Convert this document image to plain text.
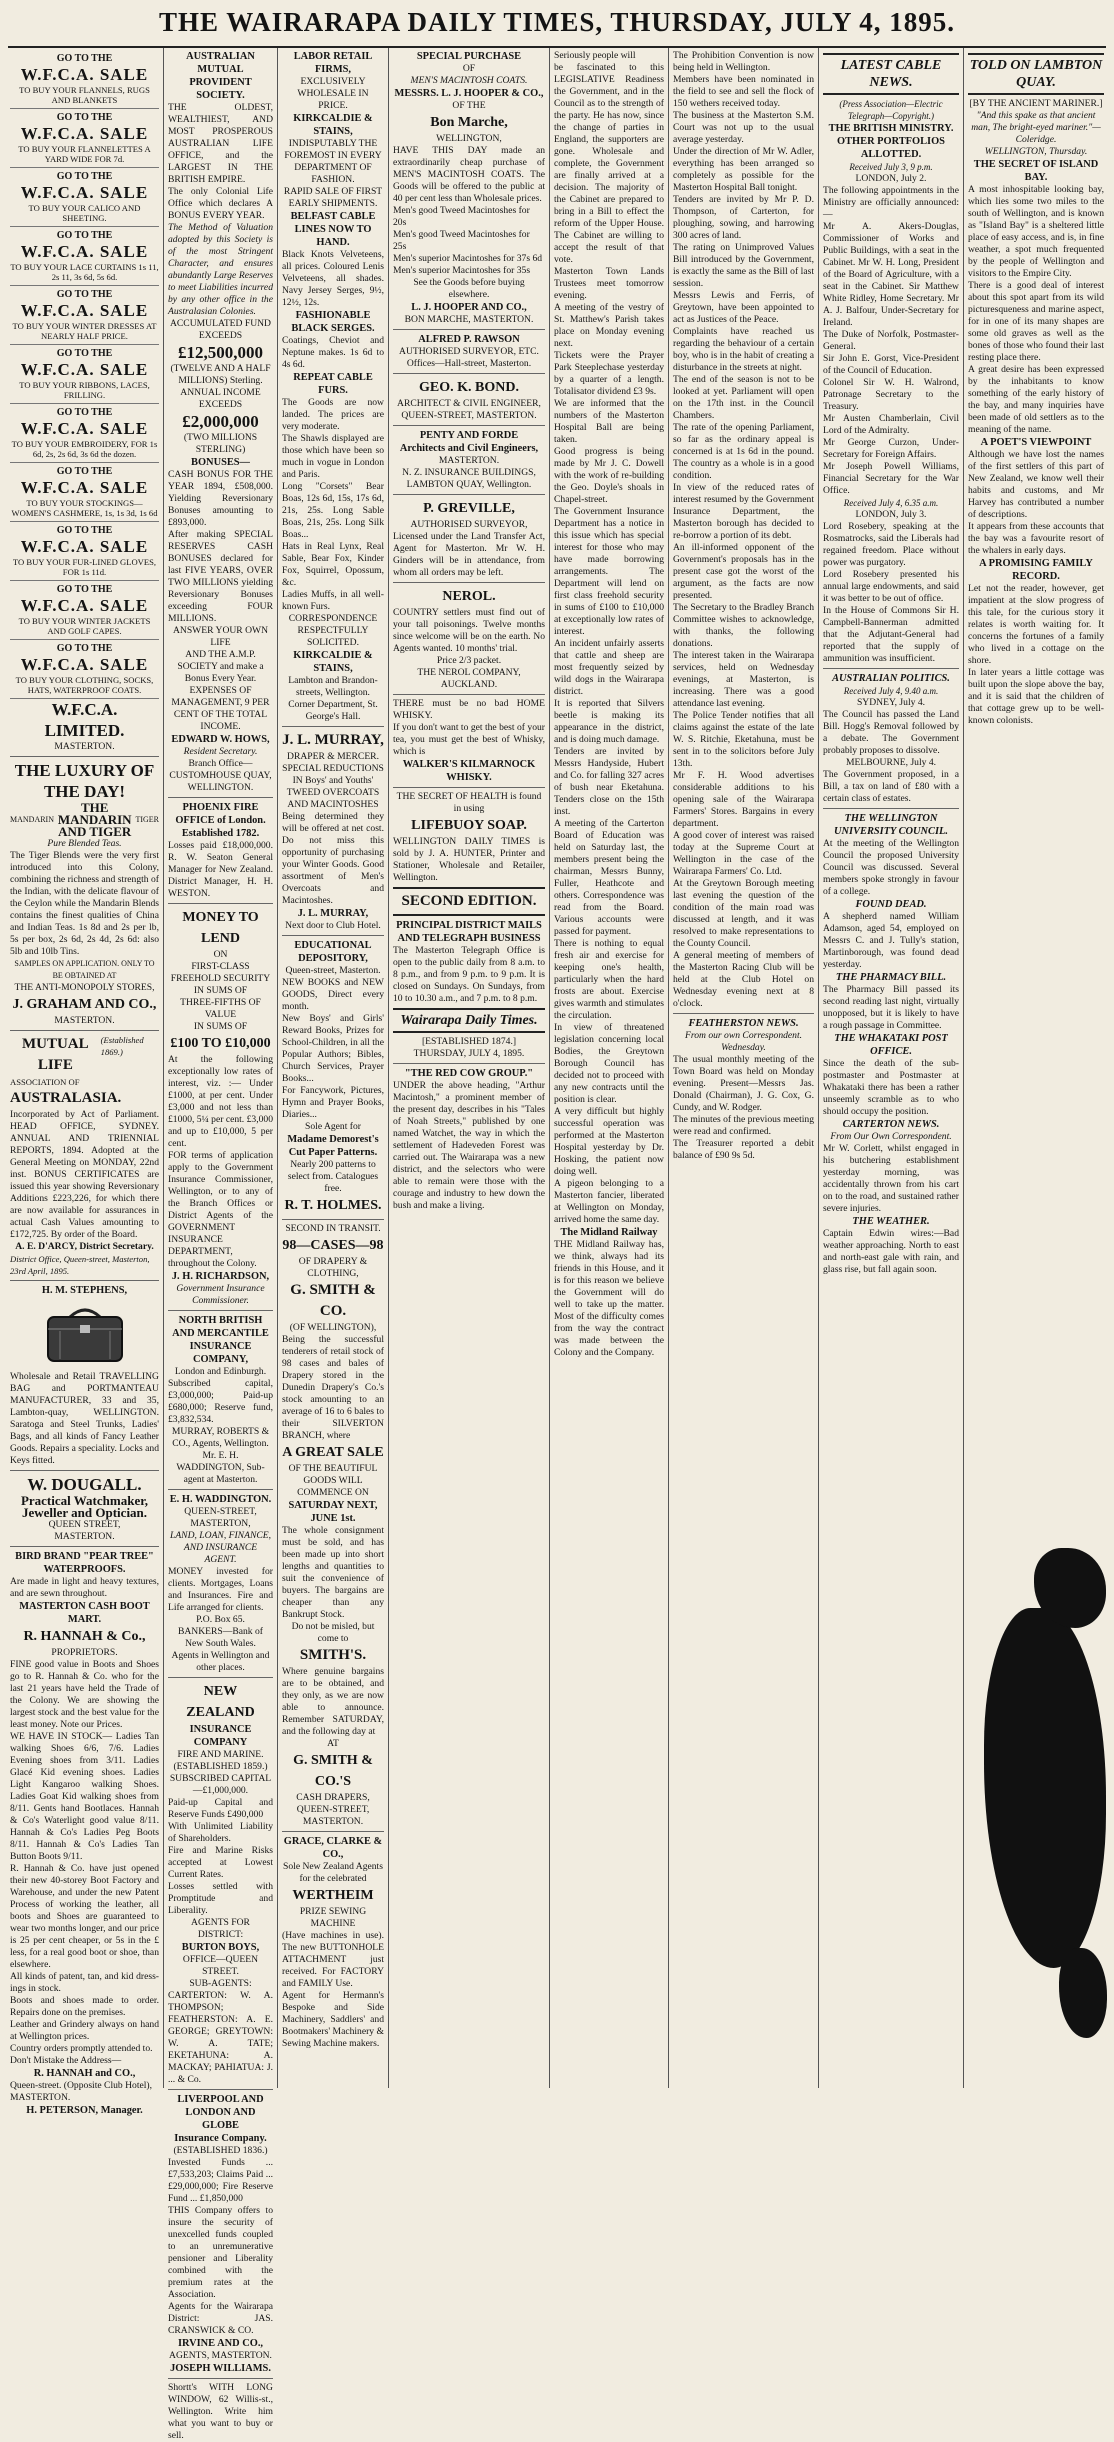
THE WAIRARAPA DAILY TIMES, THURSDAY, JULY 4, 1895.
GO TO THE
W.F.C.A. SALE
TO BUY YOUR FLANNELS, RUGS AND BLANKETS
GO TO THE
W.F.C.A. SALE
TO BUY YOUR FLANNELETTES A YARD WIDE FOR 7d.
GO TO THE
W.F.C.A. SALE
TO BUY YOUR CALICO AND SHEETING.
GO TO THE
W.F.C.A. SALE
TO BUY YOUR LACE CURTAINS 1s 11, 2s 11, 3s 6d, 5s 6d.
GO TO THE
W.F.C.A. SALE
TO BUY YOUR WINTER DRESSES AT NEARLY HALF PRICE.
GO TO THE
W.F.C.A. SALE
TO BUY YOUR RIBBONS, LACES, FRILLING.
GO TO THE
W.F.C.A. SALE
TO BUY YOUR EMBROIDERY, FOR 1s 6d, 2s, 2s 6d, 3s 6d the dozen.
GO TO THE
W.F.C.A. SALE
TO BUY YOUR STOCKINGS—WOMEN'S CASHMERE, 1s, 1s 3d, 1s 6d
GO TO THE
W.F.C.A. SALE
TO BUY YOUR FUR-LINED GLOVES, FOR 1s 11d.
GO TO THE
W.F.C.A. SALE
TO BUY YOUR WINTER JACKETS AND GOLF CAPES.
GO TO THE
W.F.C.A. SALE
TO BUY YOUR CLOTHING, SOCKS, HATS, WATERPROOF COATS.
W.F.C.A. LIMITED.
MASTERTON.
THE LUXURY OF THE DAY!
MANDARIN
THE MANDARIN AND TIGER
TIGER
Pure Blended Teas.
The Tiger Blends were the very first introduced into this Colony, combining the richness and strength of the Indian, with the delicate flavour of the Ceylon while the Mandarin Blends contains the finest qualities of China and Indian Teas. 1s 8d and 2s per lb, 5s per box, 2s 6d, 2s 4d, 2s 6d: also 5lb and 10lb Tins.
SAMPLES ON APPLICATION. ONLY TO BE OBTAINED AT
THE ANTI-MONOPOLY STORES,
J. GRAHAM AND CO.,
MASTERTON.
MUTUAL LIFE
(Established 1869.)
ASSOCIATION OF
AUSTRALASIA.
Incorporated by Act of Parliament. HEAD OFFICE, SYDNEY. ANNUAL AND TRIENNIAL REPORTS, 1894. Adopted at the General Meeting on MONDAY, 22nd inst. BONUS CERTIFICATES are issued this year showing Reversionary Additions £223,226, for which there are now available for assurances in actual Cash Values amounting to £172,725. By order of the Board.
A. E. D'ARCY, District Secretary.
District Office, Queen-street, Masterton, 23rd April, 1895.
H. M. STEPHENS,
Wholesale and Retail TRAVELLING BAG and PORTMANTEAU MANUFACTURER, 33 and 35, Lambton-quay, WELLINGTON. Saratoga and Steel Trunks, Ladies' Bags, and all kinds of Fancy Leather Goods. Repairs a speciality. Locks and Keys fitted.
W. DOUGALL.
Practical Watchmaker, Jeweller and Optician.
QUEEN STREET,
MASTERTON.
BIRD BRAND "PEAR TREE" WATERPROOFS.
Are made in light and heavy textures, and are sewn throughout.
MASTERTON CASH BOOT MART.
R. HANNAH & Co.,
PROPRIETORS.
FINE good value in Boots and Shoes go to R. Hannah & Co. who for the last 21 years have held the Trade of the Colony. We are showing the largest stock and the best value for the least money. Note our Prices.
WE HAVE IN STOCK— Ladies Tan walking Shoes 6/6, 7/6. Ladies Evening shoes from 3/11. Ladies Glacé Kid evening shoes. Ladies Light Kangaroo walking Shoes. Ladies Goat Kid walking shoes from 8/11. Gents hand Bootlaces. Hannah & Co's Waterlight good value 8/11. Hannah & Co's Ladies Peg Boots 8/11. Hannah & Co's Ladies Tan Button Boots 9/11.
R. Hannah & Co. have just opened their new 40-storey Boot Factory and Warehouse, and under the new Patent Process of working the leather, all boots and Shoes are guaranteed to wear two months longer, and our price is 25 per cent cheaper, or 5s in the £ less, for a real good boot or shoe, than elsewhere.
All kinds of patent, tan, and kid dress-ings in stock.
Boots and shoes made to order. Repairs done on the premises.
Leather and Grindery always on hand at Wellington prices.
Country orders promptly attended to.
Don't Mistake the Address—
R. HANNAH and CO.,
Queen-street. (Opposite Club Hotel), MASTERTON.
H. PETERSON, Manager.
AUSTRALIAN MUTUAL PROVIDENT SOCIETY.
THE OLDEST, WEALTHIEST, AND MOST PROSPEROUS AUSTRALIAN LIFE OFFICE, and the LARGEST IN THE BRITISH EMPIRE.
The only Colonial Life Office which declares A BONUS EVERY YEAR.
The Method of Valuation adopted by this Society is of the most Stringent Character, and ensures abundantly Large Reserves to meet Liabilities incurred by any other office in the Australasian Colonies.
ACCUMULATED FUND EXCEEDS
£12,500,000
(TWELVE AND A HALF MILLIONS) Sterling.
ANNUAL INCOME EXCEEDS
£2,000,000
(TWO MILLIONS STERLING)
BONUSES—
CASH BONUS FOR THE YEAR 1894, £508,000. Yielding Reversionary Bonuses amounting to £893,000.
After making SPECIAL RESERVES CASH BONUSES declared for last FIVE YEARS, OVER TWO MILLIONS yielding Reversionary Bonuses exceeding FOUR MILLIONS.
ANSWER YOUR OWN LIFE
AND THE A.M.P. SOCIETY and make a Bonus Every Year.
EXPENSES OF MANAGEMENT, 9 PER CENT OF THE TOTAL INCOME.
EDWARD W. HOWS,
Resident Secretary.
Branch Office— CUSTOMHOUSE QUAY, WELLINGTON.
PHOENIX FIRE OFFICE of London. Established 1782.
Losses paid £18,000,000. R. W. Seaton General Manager for New Zealand. District Manager, H. H. WESTON.
MONEY TO LEND
ON
FIRST-CLASS FREEHOLD SECURITY
IN SUMS OF
THREE-FIFTHS OF VALUE
IN SUMS OF
£100 TO £10,000
At the following exceptionally low rates of interest, viz. :— Under £1000, at per cent. Under £3,000 and not less than £1000, 5¼ per cent. £3,000 and up to £10,000, 5 per cent.
FOR terms of application apply to the Government Insurance Commissioner, Wellington, or to any of the Branch Offices or District Agents of the GOVERNMENT INSURANCE DEPARTMENT, throughout the Colony.
J. H. RICHARDSON,
Government Insurance Commissioner.
NORTH BRITISH AND MERCANTILE INSURANCE COMPANY,
London and Edinburgh.
Subscribed capital, £3,000,000; Paid-up £680,000; Reserve fund, £3,832,534.
MURRAY, ROBERTS & CO., Agents, Wellington.
Mr. E. H. WADDINGTON, Sub-agent at Masterton.
E. H. WADDINGTON.
QUEEN-STREET, MASTERTON,
LAND, LOAN, FINANCE, AND INSURANCE AGENT.
MONEY invested for clients. Mortgages, Loans and Insurances. Fire and Life arranged for clients.
P.O. Box 65.
BANKERS—Bank of New South Wales.
Agents in Wellington and other places.
NEW ZEALAND
INSURANCE COMPANY
FIRE AND MARINE.
(ESTABLISHED 1859.)
SUBSCRIBED CAPITAL—£1,000,000.
Paid-up Capital and Reserve Funds £490,000
With Unlimited Liability of Shareholders.
Fire and Marine Risks accepted at Lowest Current Rates.
Losses settled with Promptitude and Liberality.
AGENTS FOR DISTRICT:
BURTON BOYS,
OFFICE—QUEEN STREET.
SUB-AGENTS:
CARTERTON: W. A. THOMPSON; FEATHERSTON: A. E. GEORGE; GREYTOWN: W. A. TATE; EKETAHUNA: A. MACKAY; PAHIATUA: J. ... & Co.
LIVERPOOL AND LONDON AND GLOBE
Insurance Company.
(ESTABLISHED 1836.)
Invested Funds ... £7,533,203; Claims Paid ... £29,000,000; Fire Reserve Fund ... £1,850,000
THIS Company offers to insure the security of unexcelled funds coupled to an unremunerative pensioner and Liberality combined with the premium rates at the Association.
Agents for the Wairarapa District: JAS. CRANSWICK & CO.
IRVINE AND CO.,
AGENTS, MASTERTON.
JOSEPH WILLIAMS.
Shortt's WITH LONG WINDOW, 62 Willis-st., Wellington. Write him what you want to buy or sell.
LABOR RETAIL FIRMS,
EXCLUSIVELY WHOLESALE IN PRICE.
KIRKCALDIE & STAINS,
INDISPUTABLY THE FOREMOST IN EVERY DEPARTMENT OF FASHION.
RAPID SALE OF FIRST EARLY SHIPMENTS.
BELFAST CABLE LINES NOW TO HAND.
Black Knots Velveteens, all prices. Coloured Lenis Velveteens, all shades. Navy Jersey Serges, 9½, 12½, 12s.
FASHIONABLE BLACK SERGES.
Coatings, Cheviot and Neptune makes. 1s 6d to 4s 6d.
REPEAT CABLE FURS.
The Goods are now landed. The prices are very moderate.
The Shawls displayed are those which have been so much in vogue in London and Paris.
Long "Corsets" Bear Boas, 12s 6d, 15s, 17s 6d, 21s, 25s. Long Sable Boas, 21s, 25s. Long Silk Boas...
Hats in Real Lynx, Real Sable, Bear Fox, Kinder Fox, Squirrel, Opossum, &c.
Ladies Muffs, in all well-known Furs.
CORRESPONDENCE RESPECTFULLY SOLICITED.
KIRKCALDIE & STAINS,
Lambton and Brandon-streets, Wellington.
Corner Department, St. George's Hall.
J. L. MURRAY,
DRAPER & MERCER.
SPECIAL REDUCTIONS IN Boys' and Youths' TWEED OVERCOATS AND MACINTOSHES
Being determined they will be offered at net cost. Do not miss this opportunity of purchasing your Winter Goods. Good assortment of Men's Overcoats and Macintoshes.
J. L. MURRAY,
Next door to Club Hotel.
EDUCATIONAL DEPOSITORY,
Queen-street, Masterton.
NEW BOOKS and NEW GOODS, Direct every month.
New Boys' and Girls' Reward Books, Prizes for School-Children, in all the Popular Authors; Bibles, Church Services, Prayer Books...
For Fancywork, Pictures, Hymn and Prayer Books, Diaries...
Sole Agent for
Madame Demorest's Cut Paper Patterns.
Nearly 200 patterns to select from. Catalogues free.
R. T. HOLMES.
SECOND IN TRANSIT.
98—CASES—98
OF DRAPERY & CLOTHING,
G. SMITH & CO.
(OF WELLINGTON),
Being the successful tenderers of retail stock of 98 cases and bales of Drapery stored in the Dunedin Drapery's Co.'s stock amounting to an average of 16 to 6 bales to their SILVERTON BRANCH, where
A GREAT SALE
OF THE BEAUTIFUL GOODS WILL COMMENCE ON
SATURDAY NEXT, JUNE 1st.
The whole consignment must be sold, and has been made up into short lengths and quantities to suit the convenience of buyers. The bargains are cheaper than any Bankrupt Stock.
Do not be misled, but come to
SMITH'S.
Where genuine bargains are to be obtained, and they only, as we are now able to announce. Remember SATURDAY, and the following day at
AT
G. SMITH & CO.'S
CASH DRAPERS,
QUEEN-STREET, MASTERTON.
GRACE, CLARKE & CO.,
Sole New Zealand Agents for the celebrated
WERTHEIM
PRIZE SEWING MACHINE
(Have machines in use). The new BUTTONHOLE ATTACHMENT just received. For FACTORY and FAMILY Use.
Agent for Hermann's Bespoke and Side Machinery, Saddlers' and Bootmakers' Machinery & Sewing Machine makers.
SPECIAL PURCHASE
OF
MEN'S MACINTOSH COATS.
MESSRS. L. J. HOOPER & CO.,
OF THE
Bon Marche,
WELLINGTON,
HAVE THIS DAY made an extraordinarily cheap purchase of MEN'S MACINTOSH COATS. The Goods will be offered to the public at 40 per cent less than Wholesale prices.
Men's good Tweed Macintoshes for 20s
Men's good Tweed Macintoshes for 25s
Men's superior Macintoshes for 37s 6d
Men's superior Macintoshes for 35s
See the Goods before buying elsewhere.
L. J. HOOPER AND CO.,
BON MARCHE, MASTERTON.
ALFRED P. RAWSON
AUTHORISED SURVEYOR, ETC.
Offices—Hall-street, Masterton.
GEO. K. BOND.
ARCHITECT & CIVIL ENGINEER,
QUEEN-STREET, MASTERTON.
PENTY AND FORDE
Architects and Civil Engineers,
MASTERTON.
N. Z. INSURANCE BUILDINGS, LAMBTON QUAY, Wellington.
P. GREVILLE,
AUTHORISED SURVEYOR,
Licensed under the Land Transfer Act, Agent for Masterton. Mr W. H. Ginders will be in attendance, from whom all orders may be left.
NEROL.
COUNTRY settlers must find out of your tall poisonings. Twelve months since welcome will be on the earth. No Agents wanted. 10 months' trial.
Price 2/3 packet.
THE NEROL COMPANY, AUCKLAND.
THERE must be no bad HOME WHISKY.
If you don't want to get the best of your tea, you must get the best of Whisky, which is
WALKER'S KILMARNOCK WHISKY.
THE SECRET OF HEALTH is found in using
LIFEBUOY SOAP.
WELLINGTON DAILY TIMES is sold by J. A. HUNTER, Printer and Stationer, Wholesale and Retailer, Wellington.
SECOND EDITION.
PRINCIPAL DISTRICT MAILS AND TELEGRAPH BUSINESS
The Masterton Telegraph Office is open to the public daily from 8 a.m. to 8 p.m., and from 9 p.m. to 9 p.m. It is closed on Sundays. On Sundays, from 10 to 10.30 a.m., and 7 p.m. to 8 p.m.
Wairarapa Daily Times.
[ESTABLISHED 1874.]
THURSDAY, JULY 4, 1895.
"THE RED COW GROUP."
UNDER the above heading, "Arthur Macintosh," a prominent member of the present day, describes in his "Tales of Noah Streets," published by one named Watchet, the way in which the settlement of Hadeveden Forest was carried out. The Wairarapa was a new district, and the selectors who were able to remain were those with the courage and industry to hew down the bush and make a living.
Seriously people will
be fascinated to this LEGISLATIVE Readiness the Government, and in the Council as to the strength of the party. He has now, since the change of parties in England, the supporters are gone. Wholesale and complete, the Government are finally arrived at a decision. The majority of the Cabinet are prepared to bring in a Bill to effect the reform of the Upper House. The Cabinet are willing to accept the result of that vote.
Masterton Town Lands Trustees meet tomorrow evening.
A meeting of the vestry of St. Matthew's Parish takes place on Monday evening next.
Tickets were the Prayer Park Steeplechase yesterday by a quarter of a length. Totalisator dividend £3 9s.
We are informed that the numbers of the Masterton Hospital Ball are being taken.
Good progress is being made by Mr J. C. Dowell with the work of re-building the Geo. Doyle's shoals in Chapel-street.
The Government Insurance Department has a notice in this issue which has special interest for those who may have made borrowing arrangements. The Department will lend on first class freehold security in sums of £100 to £10,000 at exceptionally low rates of interest.
An incident unfairly asserts that cattle and sheep are most frequently seized by wild dogs in the Wairarapa district.
It is reported that Silvers beetle is making its appearance in the district, and is doing much damage.
Tenders are invited by Messrs Handyside, Hubert and Co. for falling 327 acres of bush near Eketahuna. Tenders close on the 15th inst.
A meeting of the Carterton Board of Education was held on Saturday last, the members present being the chairman, Messrs Bunny, Fuller, Heathcote and others. Correspondence was read from the Board. Various accounts were passed for payment.
There is nothing to equal fresh air and exercise for keeping one's health, particularly when the hard frosts are about. Exercise gives warmth and stimulates the circulation.
In view of threatened legislation concerning local Bodies, the Greytown Borough Council has decided not to proceed with any new contracts until the position is clear.
A very difficult but highly successful operation was performed at the Masterton Hospital yesterday by Dr. Hosking, the patient now doing well.
A pigeon belonging to a Masterton fancier, liberated at Wellington on Monday, arrived home the same day.
The Midland Railway
THE Midland Railway has, we think, always had its friends in this House, and it is for this reason we believe the Government will do well to take up the matter. Most of the difficulty comes from the way the contract was made between the Colony and the Company.
The Prohibition Convention is now being held in Wellington.
Members have been nominated in the field to see and sell the flock of 150 wethers received today.
The business at the Masterton S.M. Court was not up to the usual average yesterday.
Under the direction of Mr W. Adler, everything has been arranged so completely as possible for the Masterton Hospital Ball tonight.
Tenders are invited by Mr P. D. Thompson, of Carterton, for ploughing, sowing, and harrowing 300 acres of land.
The rating on Unimproved Values Bill introduced by the Government, is exactly the same as the Bill of last session.
Messrs Lewis and Ferris, of Greytown, have been appointed to act as Justices of the Peace.
Complaints have reached us regarding the behaviour of a certain boy, who is in the habit of creating a disturbance in the streets at night.
The end of the season is not to be looked at yet. Parliament will open on the 17th inst. in the Council Chambers.
The rate of the opening Parliament, so far as the ordinary appeal is concerned is at 1s 6d in the pound. The country as a whole is in a good condition.
In view of the reduced rates of interest resumed by the Government Insurance Department, the Masterton borough has decided to re-borrow a portion of its debt.
An ill-informed opponent of the Government's proposals has in the present case got the worst of the argument, as the facts are now presented.
The Secretary to the Bradley Branch Committee wishes to acknowledge, with thanks, the following donations.
The interest taken in the Wairarapa services, held on Wednesday evenings, at Masterton, is increasing. There was a good attendance last evening.
The Police Tender notifies that all claims against the estate of the late W. S. Ritchie, Eketahuna, must be sent in to the solicitors before July 13th.
Mr F. H. Wood advertises considerable additions to his opening sale of the Wairarapa Farmers' Stores. Bargains in every department.
A good cover of interest was raised today at the Supreme Court at Wellington in the case of the Wairarapa Farmers' Co. Ltd.
At the Greytown Borough meeting last evening the question of the condition of the main road was discussed at length, and it was resolved to make representations to the County Council.
A general meeting of members of the Masterton Racing Club will be held at the Club Hotel on Wednesday evening next at 8 o'clock.
FEATHERSTON NEWS.
From our own Correspondent.
Wednesday.
The usual monthly meeting of the Town Board was held on Monday evening. Present—Messrs Jas. Donald (Chairman), J. G. Cox, G. Cundy, and W. Rodger.
The minutes of the previous meeting were read and confirmed.
The Treasurer reported a debit balance of £90 9s 5d.
LATEST CABLE NEWS.
(Press Association—Electric Telegraph—Copyright.)
THE BRITISH MINISTRY.
OTHER PORTFOLIOS ALLOTTED.
Received July 3, 9 p.m.
LONDON, July 2.
The following appointments in the Ministry are officially announced:—
Mr A. Akers-Douglas, Commissioner of Works and Public Buildings, with a seat in the Cabinet. Mr W. H. Long, President of the Board of Agriculture, with a seat in the Cabinet. Sir Matthew White Ridley, Home Secretary. Mr A. J. Balfour, Under-Secretary for Ireland.
The Duke of Norfolk, Postmaster-General.
Sir John E. Gorst, Vice-President of the Council of Education.
Colonel Sir W. H. Walrond, Patronage Secretary to the Treasury.
Mr Austen Chamberlain, Civil Lord of the Admiralty.
Mr George Curzon, Under-Secretary for Foreign Affairs.
Mr Joseph Powell Williams, Financial Secretary for the War Office.
Received July 4, 6.35 a.m.
LONDON, July 3.
Lord Rosebery, speaking at the Rosmatrocks, said the Liberals had regained freedom. Place without power was purgatory.
Lord Rosebery presented his annual large endowments, and said it was better to be out of office.
In the House of Commons Sir H. Campbell-Bannerman admitted that the Adjutant-General had reported that the supply of ammunition was insufficient.
AUSTRALIAN POLITICS.
Received July 4, 9.40 a.m.
SYDNEY, July 4.
The Council has passed the Land Bill. Hogg's Removal followed by a debate. The Government probably proposes to dissolve.
MELBOURNE, July 4.
The Government proposed, in a Bill, a tax on land of £80 with a certain class of estates.
THE WELLINGTON UNIVERSITY COUNCIL.
At the meeting of the Wellington Council the proposed University Council was discussed. Several members spoke strongly in favour of a college.
FOUND DEAD.
A shepherd named William Adamson, aged 54, employed on Messrs C. and J. Tully's station, Martinborough, was found dead yesterday.
THE PHARMACY BILL.
The Pharmacy Bill passed its second reading last night, virtually unopposed, but it is likely to have a rough passage in Committee.
THE WHAKATAKI POST OFFICE.
Since the death of the sub-postmaster and Postmaster at Whakataki there has been a rather unseemly scramble as to who should occupy the position.
CARTERTON NEWS.
From Our Own Correspondent.
Mr W. Corlett, whilst engaged in his butchering establishment yesterday morning, was accidentally thrown from his cart on to the road, and sustained rather severe injuries.
THE WEATHER.
Captain Edwin wires:—Bad weather approaching. North to east and north-east gale with rain, and glass rise, but fall again soon.
TOLD ON LAMBTON QUAY.
[BY THE ANCIENT MARINER.]
"And this spake as that ancient man, The bright-eyed mariner."—Coleridge.
WELLINGTON, Thursday.
THE SECRET OF ISLAND BAY.
A most inhospitable looking bay, which lies some two miles to the south of Wellington, and is known as "Island Bay" is a sheltered little place of easy access, and is, in fine weather, a spot much frequented by the people of Wellington and visitors to the Empire City.
There is a good deal of interest about this spot apart from its wild picturesqueness and marine aspect, for in one of its many shapes are some old graves as well as the bones of those who found their last resting place there.
A great desire has been expressed by the inhabitants to know something of the early history of the bay, and many inquiries have been made of old settlers as to the meaning of the name.
A POET'S VIEWPOINT
Although we have lost the names of the first settlers of this part of New Zealand, we know well their habits and customs, and Mr Harvey has contributed a number of descriptions.
It appears from these accounts that the bay was a favourite resort of the whalers in early days.
A PROMISING FAMILY RECORD.
Let not the reader, however, get impatient at the slow progress of this tale, for the curious story it relates is worth waiting for. It concerns the fortunes of a family who lived in a cottage on the shore.
In later years a little cottage was built upon the slope above the bay, and it is said that the children of that cottage grew up to be well-known colonists.
